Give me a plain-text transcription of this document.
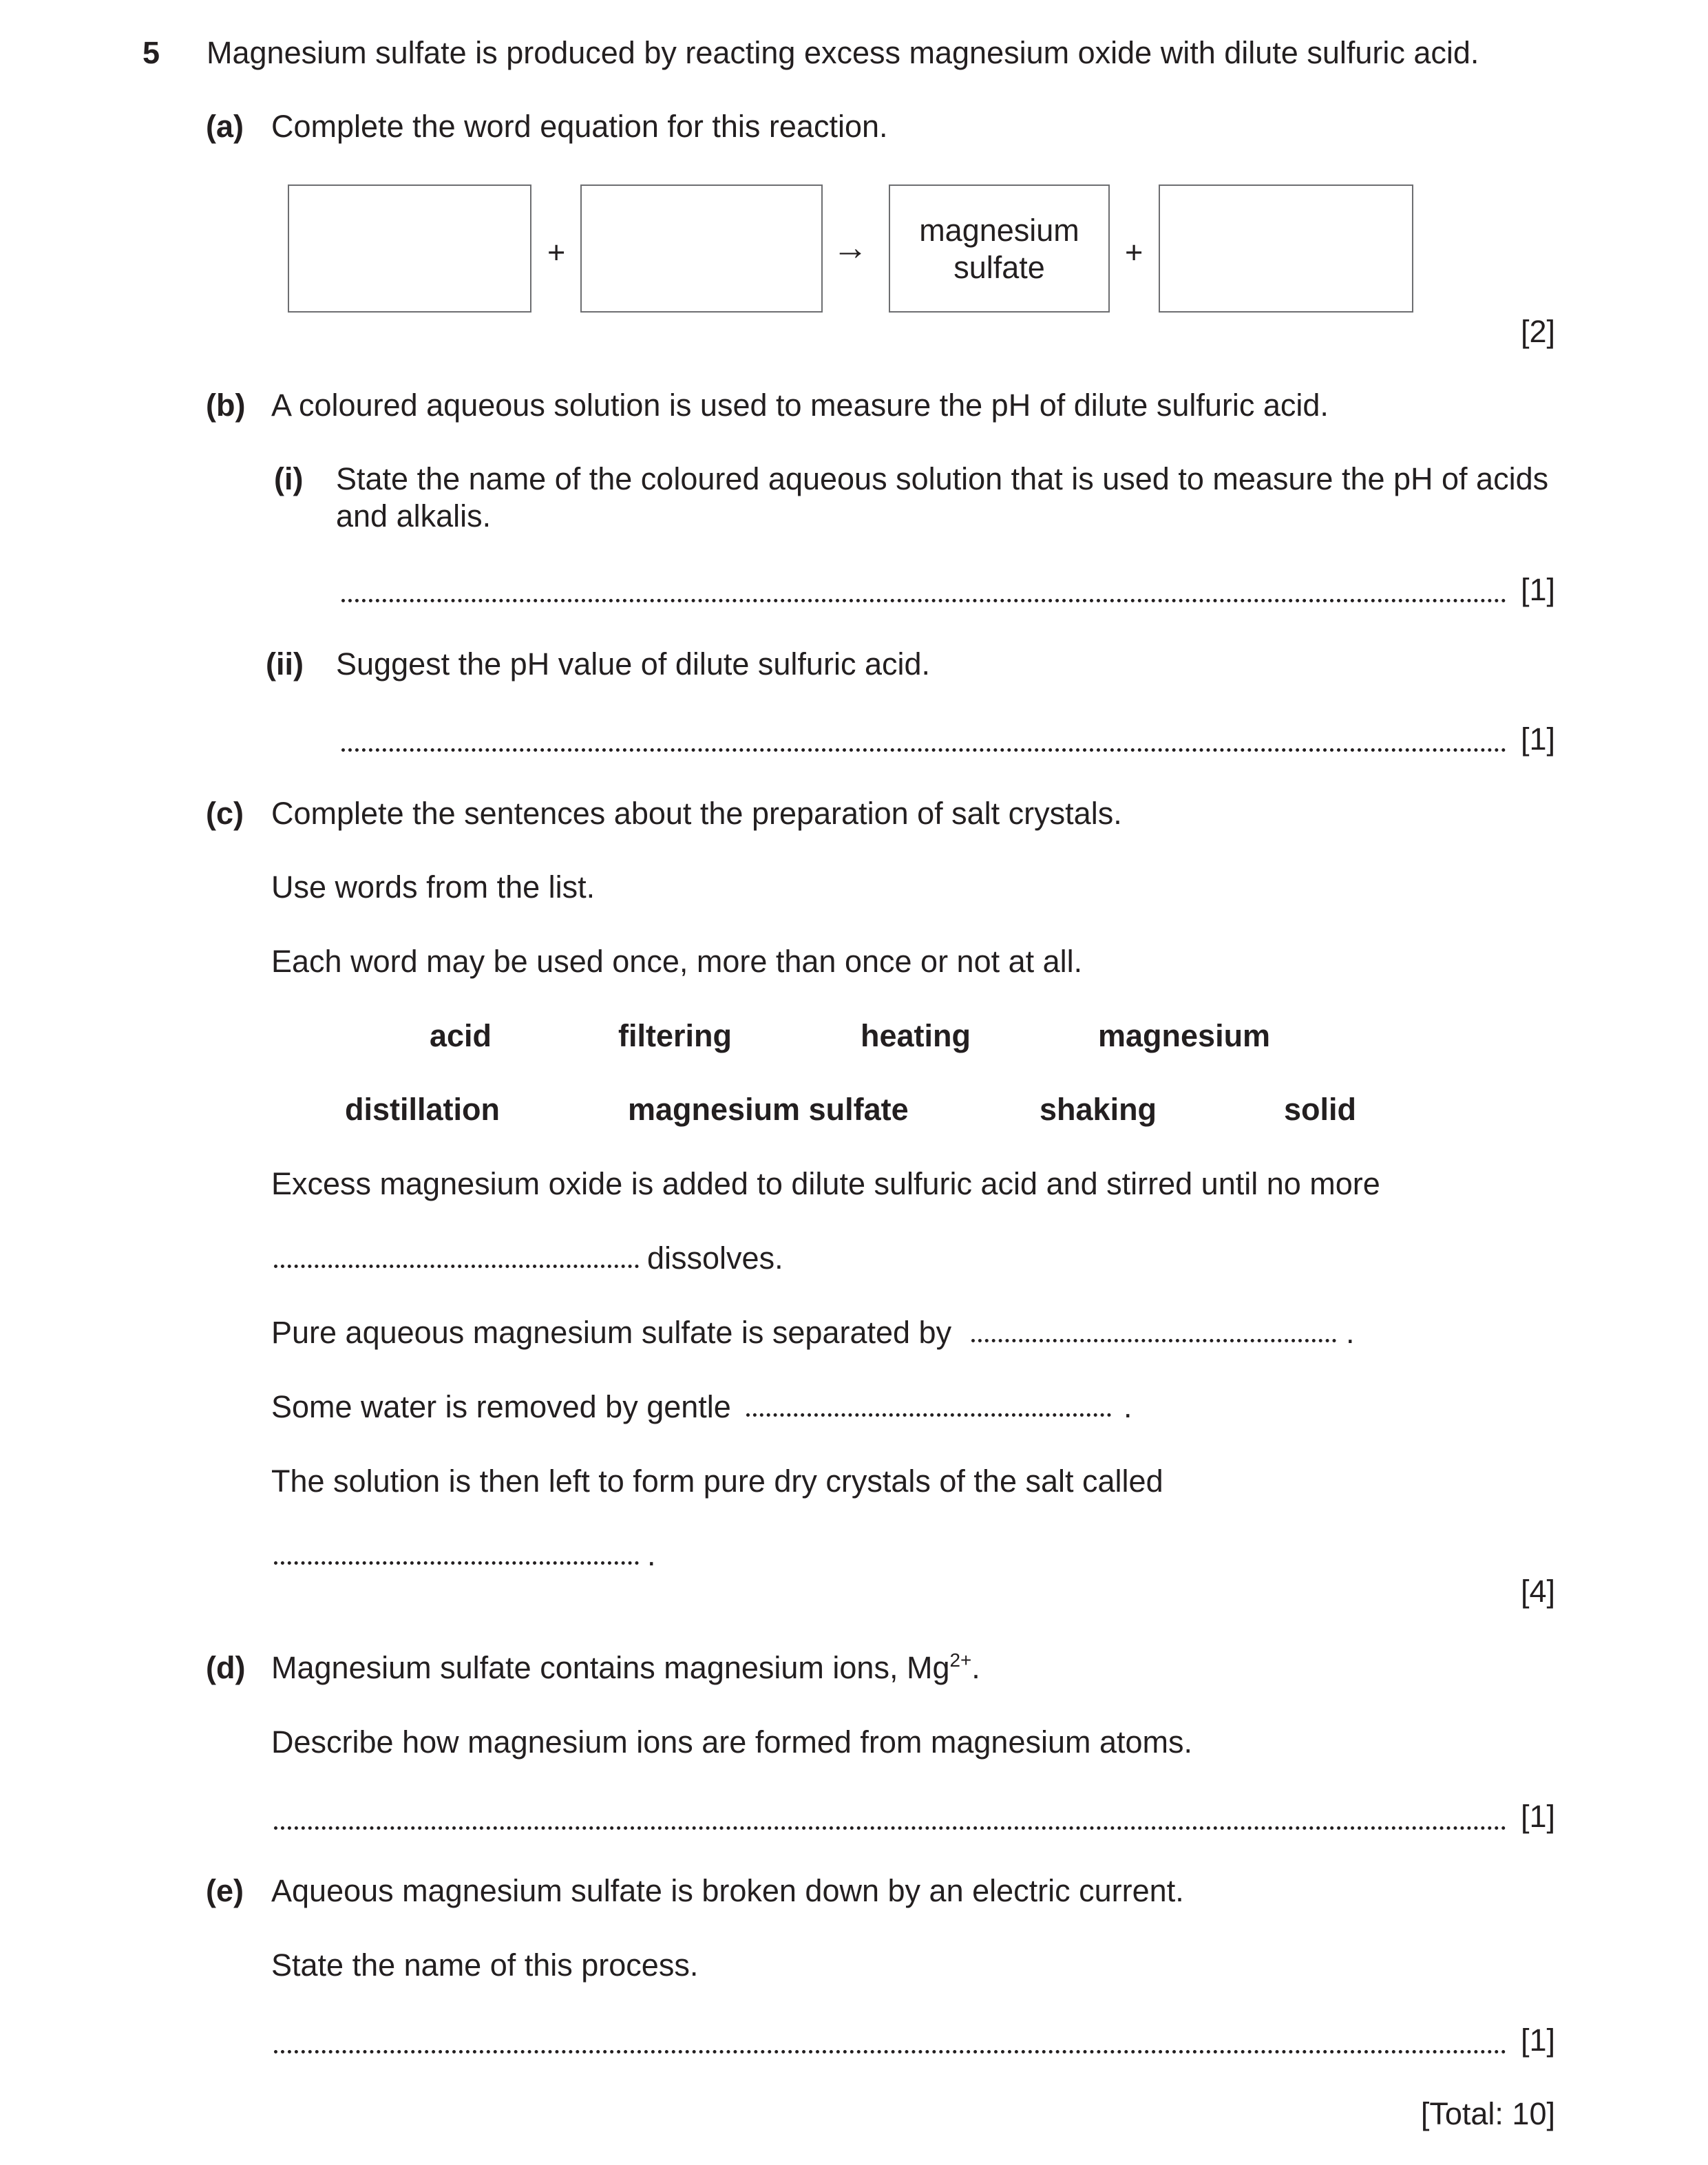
5 Magnesium sulfate is produced by reacting excess magnesium oxide with dilute sulfuric acid.
(a) Complete the word equation for this reaction.
+	→	magnesium
sulfate	+
[2]
(b) A coloured aqueous solution is used to measure the pH of dilute sulfuric acid.
(i) State the name of the coloured aqueous solution that is used to measure the pH of acids
and alkalis.
[1]
(ii) Suggest the pH value of dilute sulfuric acid.
[1]
(c) Complete the sentences about the preparation of salt crystals.
Use words from the list.
Each word may be used once, more than once or not at all.
acid	filtering	heating	magnesium
distillation	magnesium sulfate	shaking	solid
Excess magnesium oxide is added to dilute sulfuric acid and stirred until no more
dissolves.
Pure aqueous magnesium sulfate is separated by	.
Some water is removed by gentle	.
The solution is then left to form pure dry crystals of the salt called
.
[4]
(d) Magnesium sulfate contains magnesium ions, $Mg^{2+}$.
Describe how magnesium ions are formed from magnesium atoms.
[1]
(e) Aqueous magnesium sulfate is broken down by an electric current.
State the name of this process.
[1]
[Total: 10]
